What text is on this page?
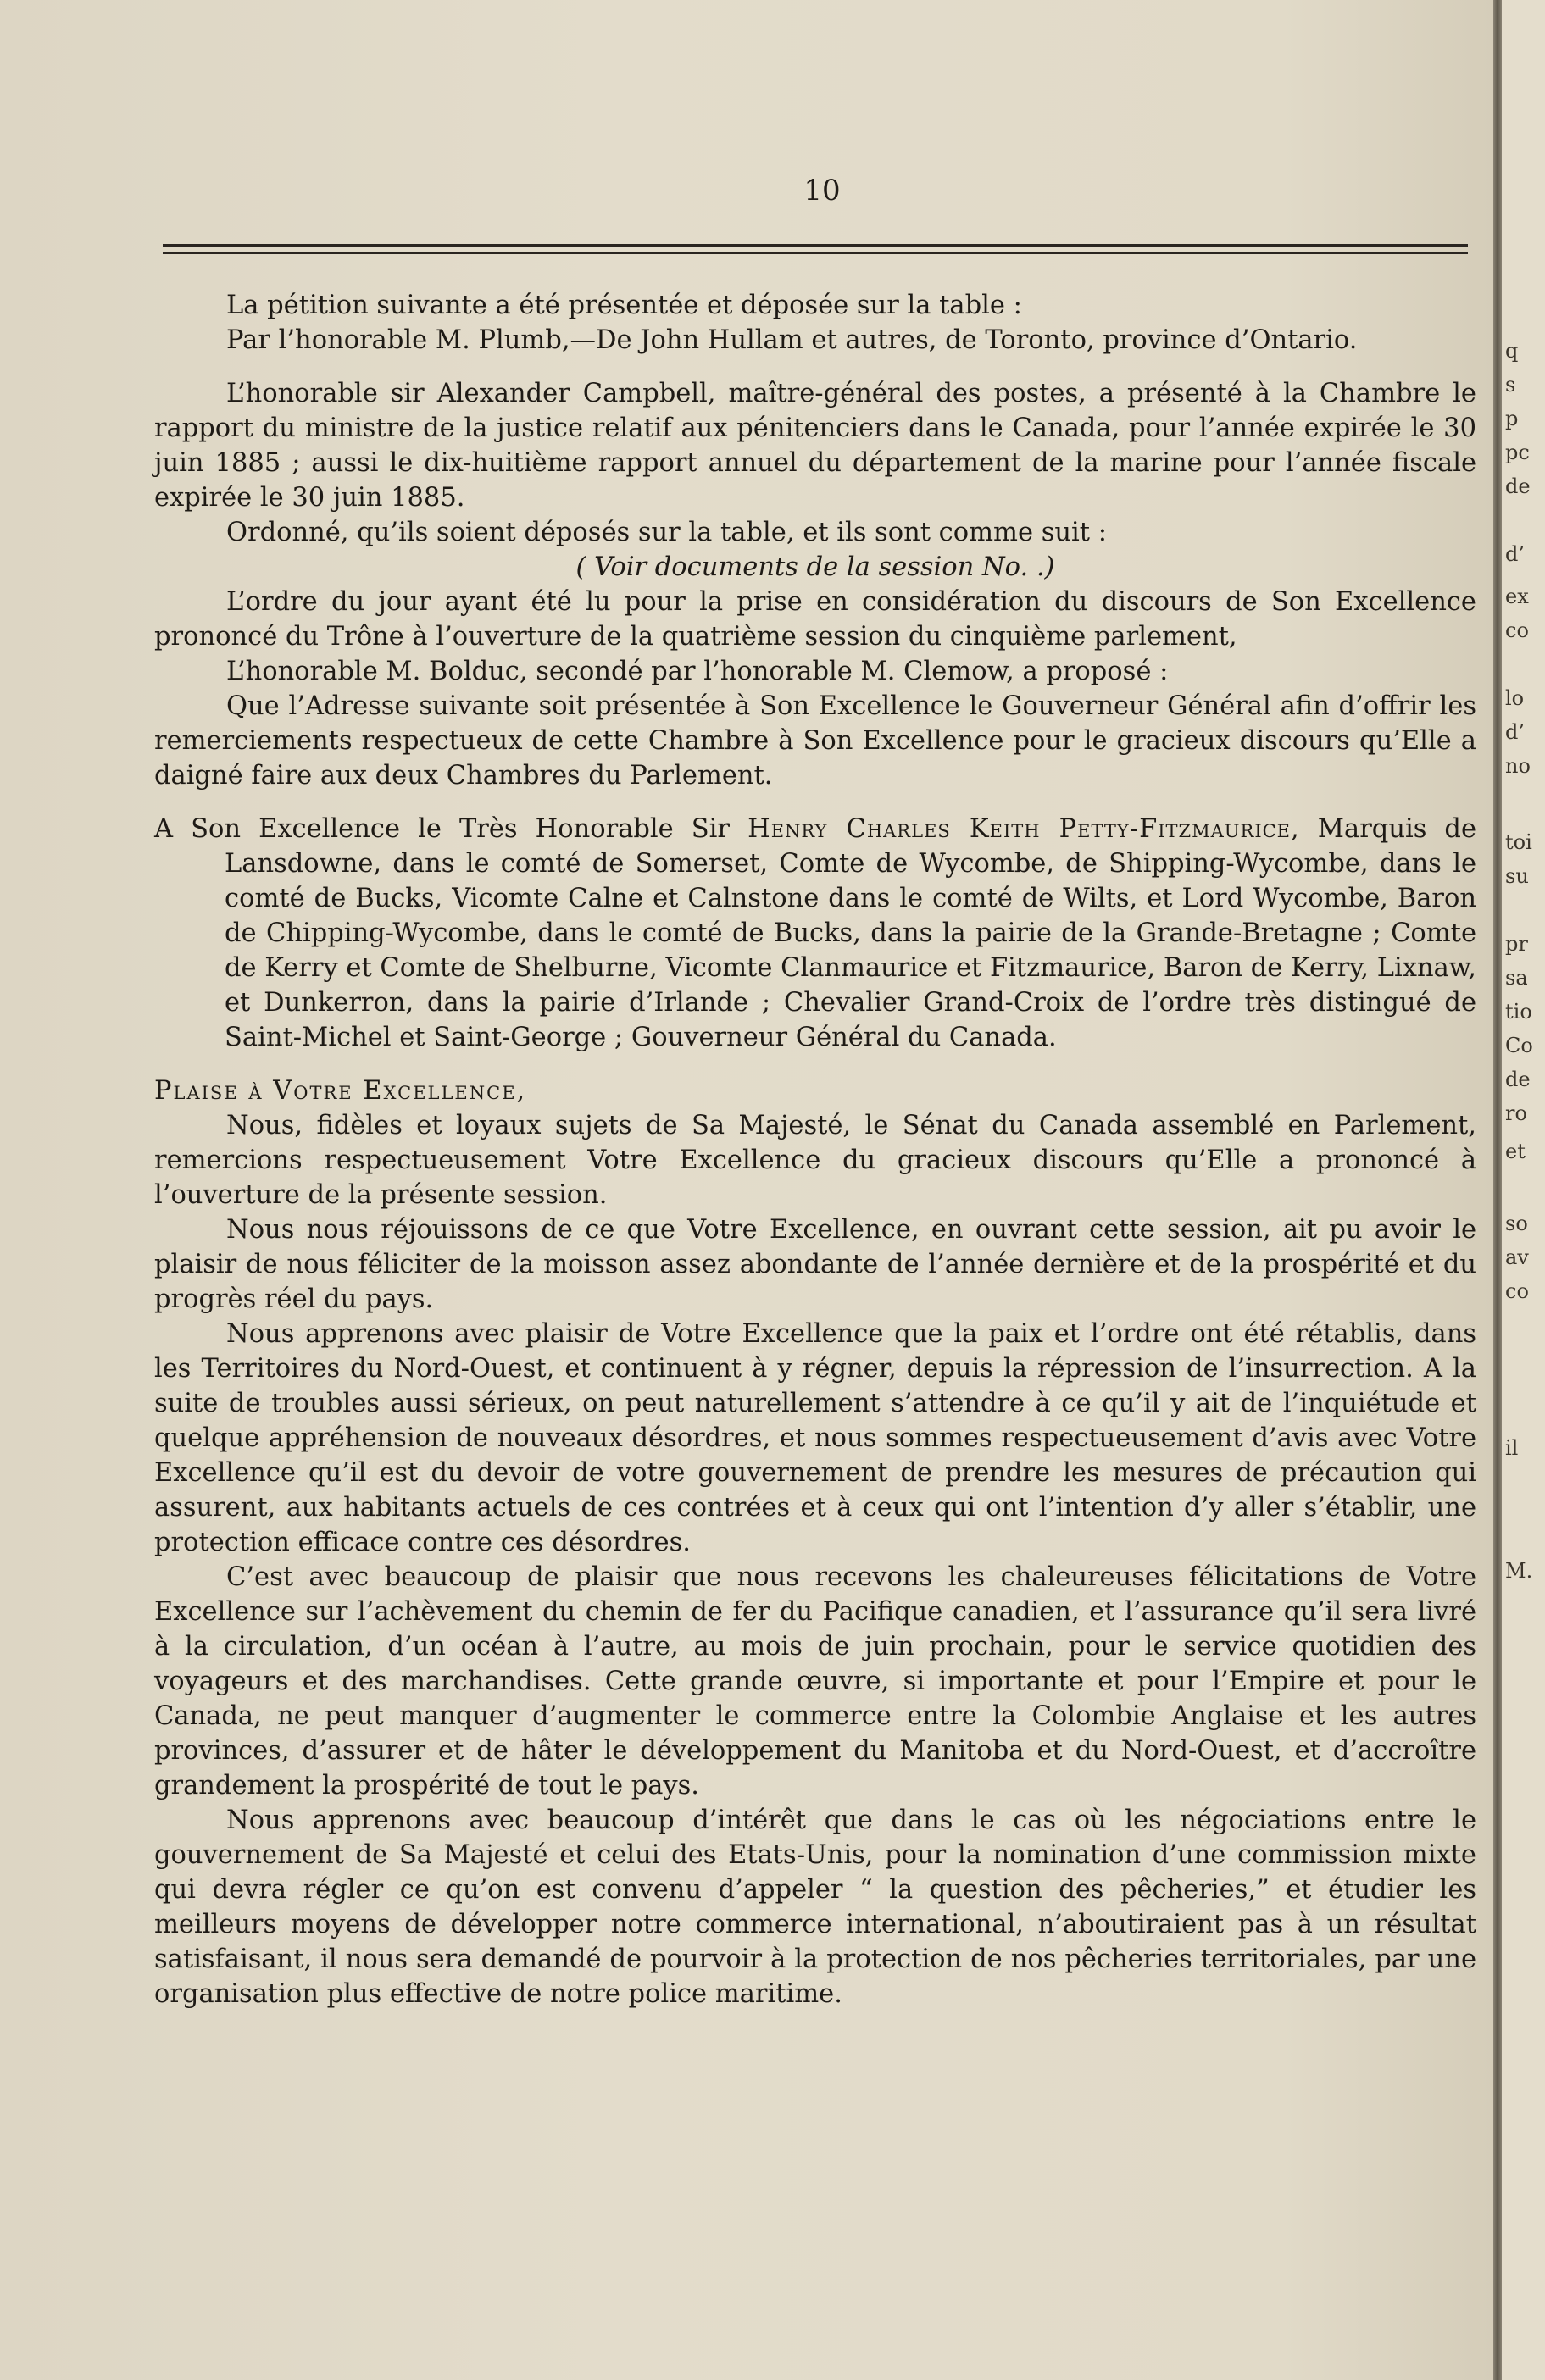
10

La pétition suivante a été présentée et déposée sur la table :

Par l’honorable M. Plumb,—De John Hullam et autres, de Toronto, province d’Ontario.

L’honorable sir Alexander Campbell, maître-général des postes, a présenté à la Chambre le rapport du ministre de la justice relatif aux pénitenciers dans le Canada, pour l’année expirée le 30 juin 1885 ; aussi le dix-huitième rapport annuel du département de la marine pour l’année fiscale expirée le 30 juin 1885.

Ordonné, qu’ils soient déposés sur la table, et ils sont comme suit :

( Voir documents de la session No. .)

L’ordre du jour ayant été lu pour la prise en considération du discours de Son Excellence prononcé du Trône à l’ouverture de la quatrième session du cinquième parlement,

L’honorable M. Bolduc, secondé par l’honorable M. Clemow, a proposé :

Que l’Adresse suivante soit présentée à Son Excellence le Gouverneur Général afin d’offrir les remerciements respectueux de cette Chambre à Son Excellence pour le gracieux discours qu’Elle a daigné faire aux deux Chambres du Parlement.

A Son Excellence le Très Honorable Sir Henry Charles Keith Petty-Fitzmaurice, Marquis de Lansdowne, dans le comté de Somerset, Comte de Wycombe, de Shipping-Wycombe, dans le comté de Bucks, Vicomte Calne et Calnstone dans le comté de Wilts, et Lord Wycombe, Baron de Chipping-Wycombe, dans le comté de Bucks, dans la pairie de la Grande-Bretagne ; Comte de Kerry et Comte de Shelburne, Vicomte Clanmaurice et Fitzmaurice, Baron de Kerry, Lixnaw, et Dunkerron, dans la pairie d’Irlande ; Chevalier Grand-Croix de l’ordre très distingué de Saint-Michel et Saint-George ; Gouverneur Général du Canada.

Plaise à Votre Excellence,

Nous, fidèles et loyaux sujets de Sa Majesté, le Sénat du Canada assemblé en Parlement, remercions respectueusement Votre Excellence du gracieux discours qu’Elle a prononcé à l’ouverture de la présente session.

Nous nous réjouissons de ce que Votre Excellence, en ouvrant cette session, ait pu avoir le plaisir de nous féliciter de la moisson assez abondante de l’année dernière et de la prospérité et du progrès réel du pays.

Nous apprenons avec plaisir de Votre Excellence que la paix et l’ordre ont été rétablis, dans les Territoires du Nord-Ouest, et continuent à y régner, depuis la répression de l’insurrection. A la suite de troubles aussi sérieux, on peut naturellement s’attendre à ce qu’il y ait de l’inquiétude et quelque appréhension de nouveaux désordres, et nous sommes respectueusement d’avis avec Votre Excellence qu’il est du devoir de votre gouvernement de prendre les mesures de précaution qui assurent, aux habitants actuels de ces contrées et à ceux qui ont l’intention d’y aller s’établir, une protection efficace contre ces désordres.

C’est avec beaucoup de plaisir que nous recevons les chaleureuses félicitations de Votre Excellence sur l’achèvement du chemin de fer du Pacifique canadien, et l’assurance qu’il sera livré à la circulation, d’un océan à l’autre, au mois de juin prochain, pour le service quotidien des voyageurs et des marchandises. Cette grande œuvre, si importante et pour l’Empire et pour le Canada, ne peut manquer d’augmenter le commerce entre la Colombie Anglaise et les autres provinces, d’assurer et de hâter le développement du Manitoba et du Nord-Ouest, et d’accroître grandement la prospérité de tout le pays.

Nous apprenons avec beaucoup d’intérêt que dans le cas où les négociations entre le gouvernement de Sa Majesté et celui des Etats-Unis, pour la nomination d’une commission mixte qui devra régler ce qu’on est convenu d’appeler “ la question des pêcheries,” et étudier les meilleurs moyens de développer notre commerce international, n’aboutiraient pas à un résultat satisfaisant, il nous sera demandé de pourvoir à la protection de nos pêcheries territoriales, par une organisation plus effective de notre police maritime.

q
s
p
pc
de
d’
ex
co
lo
d’
no
toi
su
pr
sa
tio
Co
de
ro
et
so
av
co
il
M.
